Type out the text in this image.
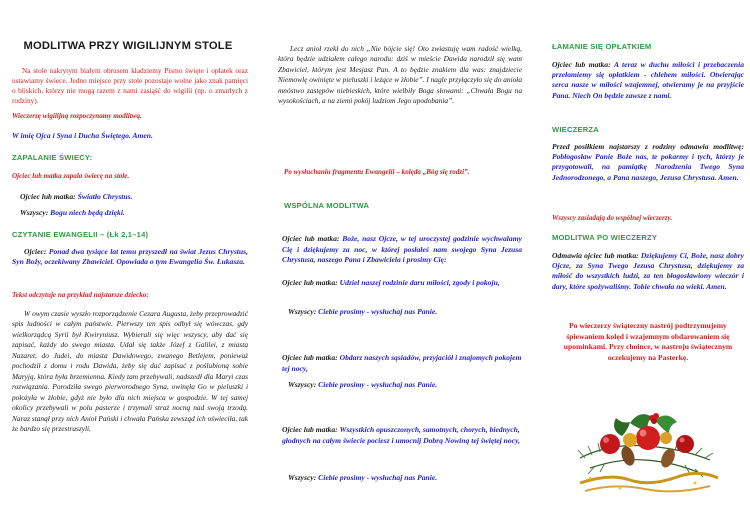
MODLITWA PRZY WIGILIJNYM STOLE
Na stole nakrytym białym obrusem kładziemy Pismo święte i opłatek oraz ustawiamy świece. Jedno miejsce przy stole pozostaje wolne jako znak pamięci o bliskich, którzy nie mogą razem z nami zasiąść do wigilii (np. o zmarłych z rodziny).
Wieczerzę wigilijną rozpoczynamy modlitwą.
W imię Ojca i Syna i Ducha Świętego. Amen.
ZAPALANIE ŚWIECY:
Ojciec lub matka zapala świecę na stole.
Ojciec lub matka: Światło Chrystus.
Wszyscy: Bogu niech będą dzięki.
CZYTANIE EWANGELII – (Łk 2,1–14)
Ojciec: Ponad dwa tysiące lat temu przyszedł na świat Jezus Chrystus, Syn Boży, oczekiwany Zbawiciel. Opowiada o tym Ewangelia Św. Łukasza.
Tekst odczytuje na przykład najstarsze dziecko:
W owym czasie wyszło rozporządzenie Cezara Augusta, żeby przeprowadzić spis ludności w całym państwie. Pierwszy ten spis odbył się wówczas, gdy wielkorządcą Syrii był Kwiryniusz. Wybierali się więc wszyscy, aby dać się zapisać, każdy do swego miasta. Udał się także Józef z Galilei, z miasta Nazaret, do Judei, do miasta Dawidowego, zwanego Betlejem, ponieważ pochodził z domu i rodu Dawida, żeby się dać zapisać z poślubioną sobie Maryją, która była brzemienna. Kiedy tam przebywali, nadszedł dla Maryi czas rozwiązania. Porodziła swego pierworodnego Syna, owinęła Go w pieluszki i położyła w żłobie, gdyż nie było dla nich miejsca w gospodzie. W tej samej okolicy przebywali w polu pasterze i trzymali straż nocną nad swoją trzodą. Naraz stanął przy nich Anioł Pański i chwała Pańska zewsząd ich oświeciła, tak że bardzo się przestraszyli.
Lecz anioł rzekł do nich „Nie bójcie się! Oto zwiastuję wam radość wielką, która będzie udziałem całego narodu: dziś w mieście Dawida narodził się wam Zbawiciel, którym jest Mesjasz Pan. A to będzie znakiem dla was: znajdziecie Niemowlę owinięte w pieluszki i leżące w żłobie”. I nagle przyłączyło się do anioła mnóstwo zastępów niebieskich, które wielbiły Boga słowami: „Chwała Bogu na wysokościach, a na ziemi pokój ludziom Jego upodobania”.
Po wysłuchaniu fragmentu Ewangelii – kolęda „Bóg się rodzi”.
WSPÓLNA MODLITWA
Ojciec lub matka: Boże, nasz Ojcze, w tej uroczystej godzinie wychwalamy Cię i dziękujemy za noc, w której posłałeś nam swojego Syna Jezusa Chrystusa, naszego Pana i Zbawiciela i prosimy Cię:
Ojciec lub matka: Udziel naszej rodzinie daru miłości, zgody i pokoju,
Wszyscy: Ciebie prosimy - wysłuchaj nas Panie.
Ojciec lub matka: Obdarz naszych sąsiadów, przyjaciół i znajomych pokojem tej nocy,
Wszyscy: Ciebie prosimy - wysłuchaj nas Panie.
Ojciec lub matka: Wszystkich opuszczonych, samotnych, chorych, biednych, głodnych na całym świecie pociesz i umocnij Dobrą Nowiną tej świętej nocy,
Wszyscy: Ciebie prosimy - wysłuchaj nas Panie.
ŁAMANIE SIĘ OPŁATKIEM
Ojciec lub matka: A teraz w duchu miłości i przebaczenia przełamiemy się opłatkiem - chlebem miłości. Otwierając serca nasze w miłości wzajemnej, otwieramy je na przyjście Pana. Niech On będzie zawsze z nami.
WIECZERZA
Przed posiłkiem najstarszy z rodziny odmawia modlitwę: Pobłogosław Panie Boże nas, te pokarmy i tych, którzy je przygotowali, na pamiątkę Narodzenia Twego Syna Jednorodzonego, a Pana naszego, Jezusa Chrystusa. Amen.
Wszyscy zasiadają do wspólnej wieczerzy.
MODLITWA PO WIECZERZY
Odmawia ojciec lub matka: Dziękujemy Ci, Boże, nasz dobry Ojcze, za Syna Twego Jezusa Chrystusa, dziękujemy za miłość do wszystkich ludzi, za ten błogosławiony wieczór i dary, które spożywaliśmy. Tobie chwała na wieki. Amen.
Po wieczerzy świąteczny nastrój podtrzymujemy śpiewaniem kolęd i wzajemnym obdarowaniem się upominkami. Przy choince, w nastroju świątecznym oczekujemy na Pasterkę.
